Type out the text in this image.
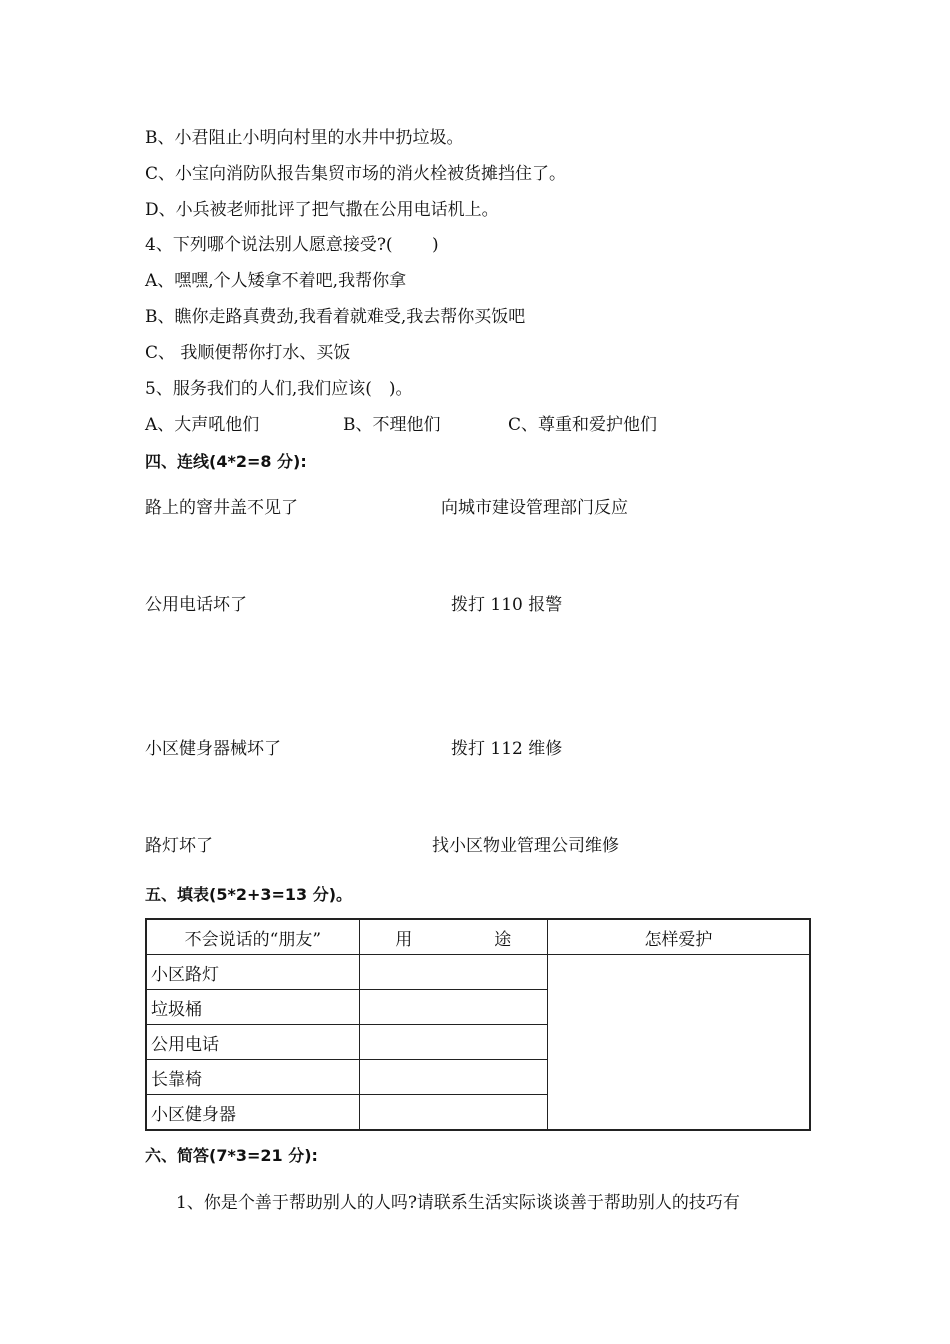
B、小君阻止小明向村里的水井中扔垃圾。
C、小宝向消防队报告集贸市场的消火栓被货摊挡住了。
D、小兵被老师批评了把气撒在公用电话机上。
4、下列哪个说法别人愿意接受?(　　 )
A、嘿嘿,个人矮拿不着吧,我帮你拿
B、瞧你走路真费劲,我看着就难受,我去帮你买饭吧
C、 我顺便帮你打水、买饭
5、服务我们的人们,我们应该(　)。
A、大声吼他们	B、不理他们	C、尊重和爱护他们
四、连线(4*2=8 分):
路上的窨井盖不见了	向城市建设管理部门反应
公用电话坏了	拨打 110 报警
小区健身器械坏了	拨打 112 维修
路灯坏了	找小区物业管理公司维修
五、填表(5*2+3=13 分)。
不会说话的“朋友”	用 途	怎样爱护
小区路灯		
垃圾桶		
公用电话		
长靠椅		
小区健身器		
六、简答(7*3=21 分):
1、你是个善于帮助别人的人吗?请联系生活实际谈谈善于帮助别人的技巧有
